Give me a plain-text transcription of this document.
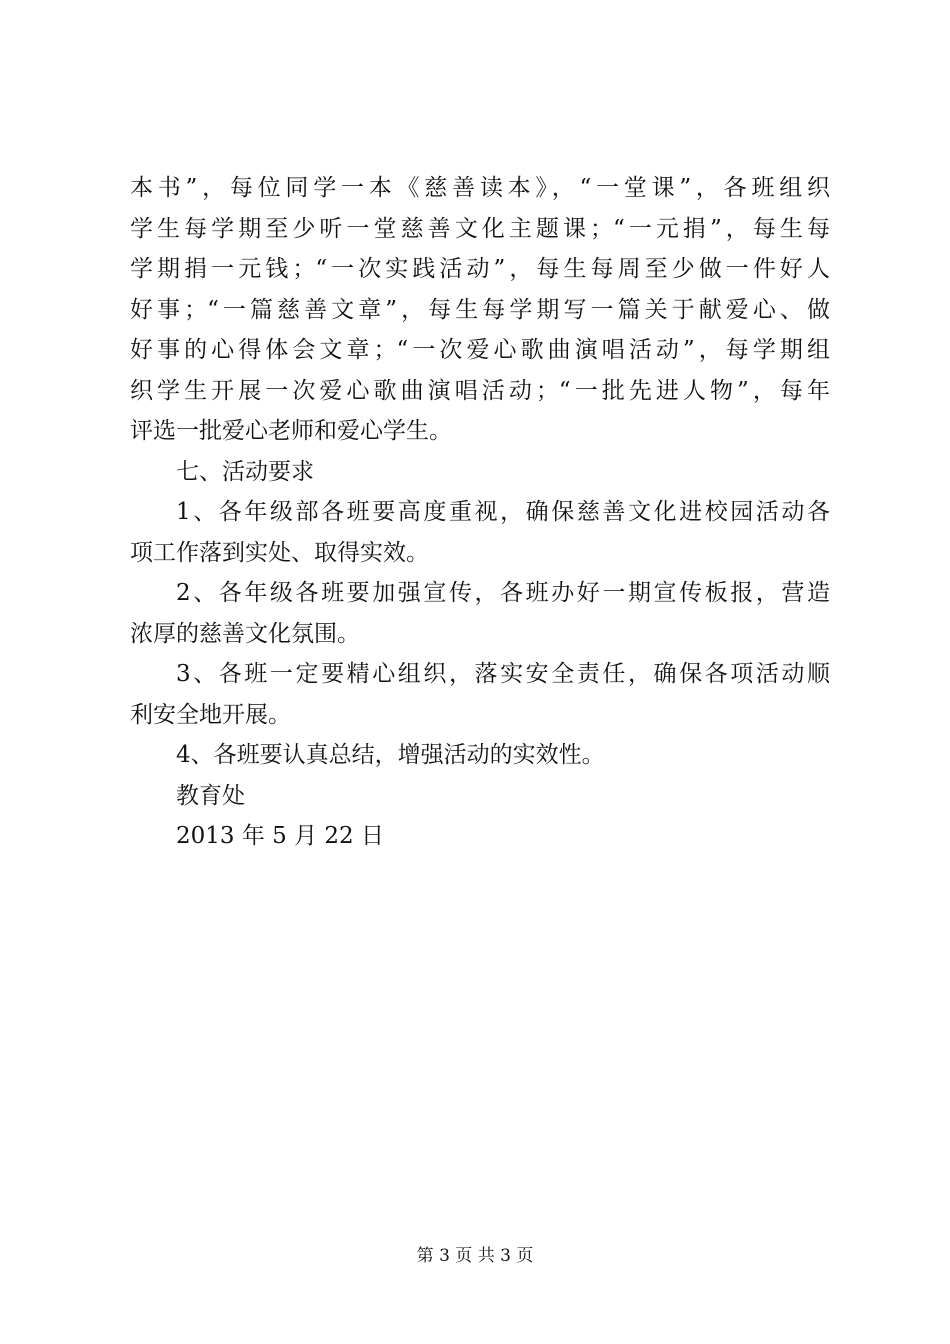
本书”，每位同学一本《慈善读本》，“一堂课”，各班组织
学生每学期至少听一堂慈善文化主题课；“一元捐”，每生每
学期捐一元钱；“一次实践活动”，每生每周至少做一件好人
好事；“一篇慈善文章”，每生每学期写一篇关于献爱心、做
好事的心得体会文章；“一次爱心歌曲演唱活动”，每学期组
织学生开展一次爱心歌曲演唱活动；“一批先进人物”，每年
评选一批爱心老师和爱心学生。
七、活动要求
1、各年级部各班要高度重视，确保慈善文化进校园活动各
项工作落到实处、取得实效。
2、各年级各班要加强宣传，各班办好一期宣传板报，营造
浓厚的慈善文化氛围。
3、各班一定要精心组织，落实安全责任，确保各项活动顺
利安全地开展。
4、各班要认真总结，增强活动的实效性。
教育处
2013 年 5 月 22 日
第 3 页 共 3 页
